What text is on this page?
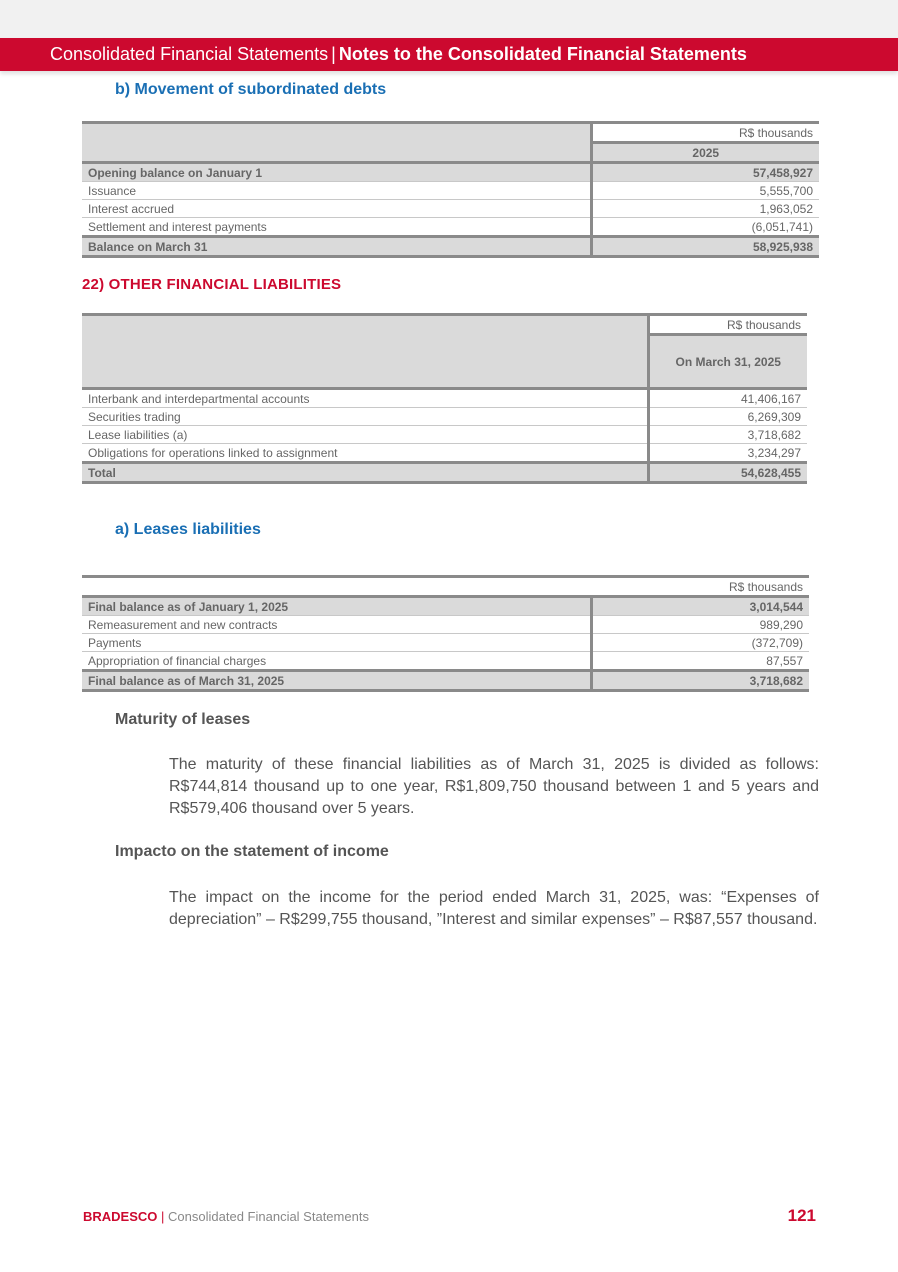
Consolidated Financial Statements | Notes to the Consolidated Financial Statements
b) Movement of subordinated debts
	R$ thousands
	2025
Opening balance on January 1	57,458,927
Issuance	5,555,700
Interest accrued	1,963,052
Settlement and interest payments	(6,051,741)
Balance on March 31	58,925,938
22) OTHER FINANCIAL LIABILITIES
	R$ thousands
	On March 31, 2025
Interbank and interdepartmental accounts	41,406,167
Securities trading	6,269,309
Lease liabilities (a)	3,718,682
Obligations for operations linked to assignment	3,234,297
Total	54,628,455
a) Leases liabilities
R$ thousands	
Final balance as of January 1, 2025	3,014,544
Remeasurement and new contracts	989,290
Payments	(372,709)
Appropriation of financial charges	87,557
Final balance as of March 31, 2025	3,718,682
Maturity of leases

The maturity of these financial liabilities as of March 31, 2025 is divided as follows: R$744,814 thousand up to one year, R$1,809,750 thousand between 1 and 5 years and R$579,406 thousand over 5 years.

Impacto on the statement of income

The impact on the income for the period ended March 31, 2025, was: “Expenses of depreciation” – R$299,755 thousand, ”Interest and similar expenses” – R$87,557 thousand.

BRADESCO | Consolidated Financial Statements	121
